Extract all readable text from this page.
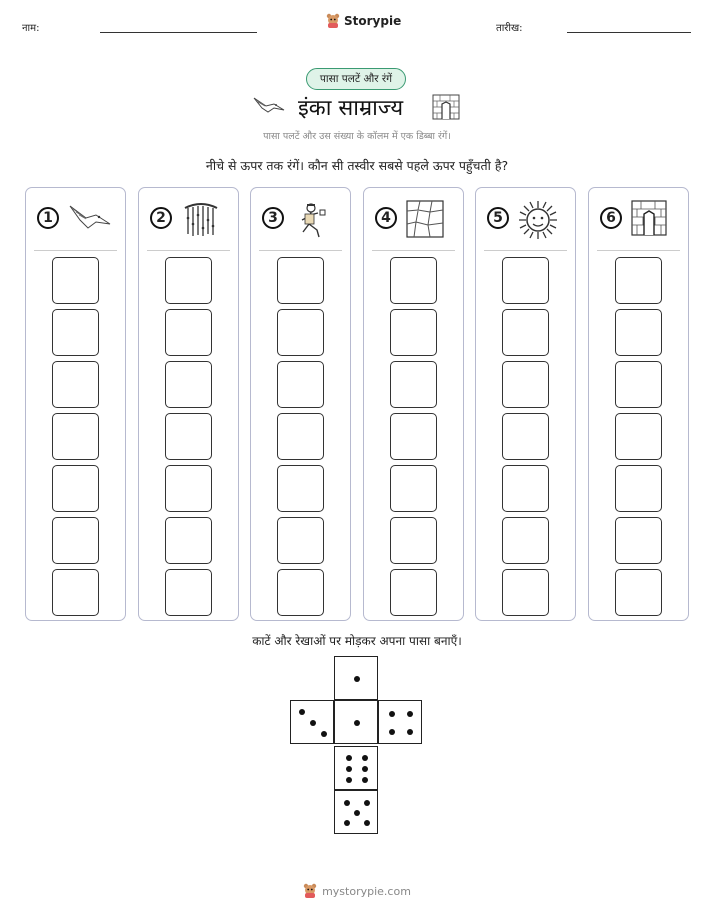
नाम:
Storypie
तारीख:
पासा पलटें और रंगें
इंका साम्राज्य
पासा पलटें और उस संख्या के कॉलम में एक डिब्बा रंगें।
नीचे से ऊपर तक रंगें। कौन सी तस्वीर सबसे पहले ऊपर पहुँचती है?
1	2	3	4	5	6
काटें और रेखाओं पर मोड़कर अपना पासा बनाएँ।
mystorypie.com
